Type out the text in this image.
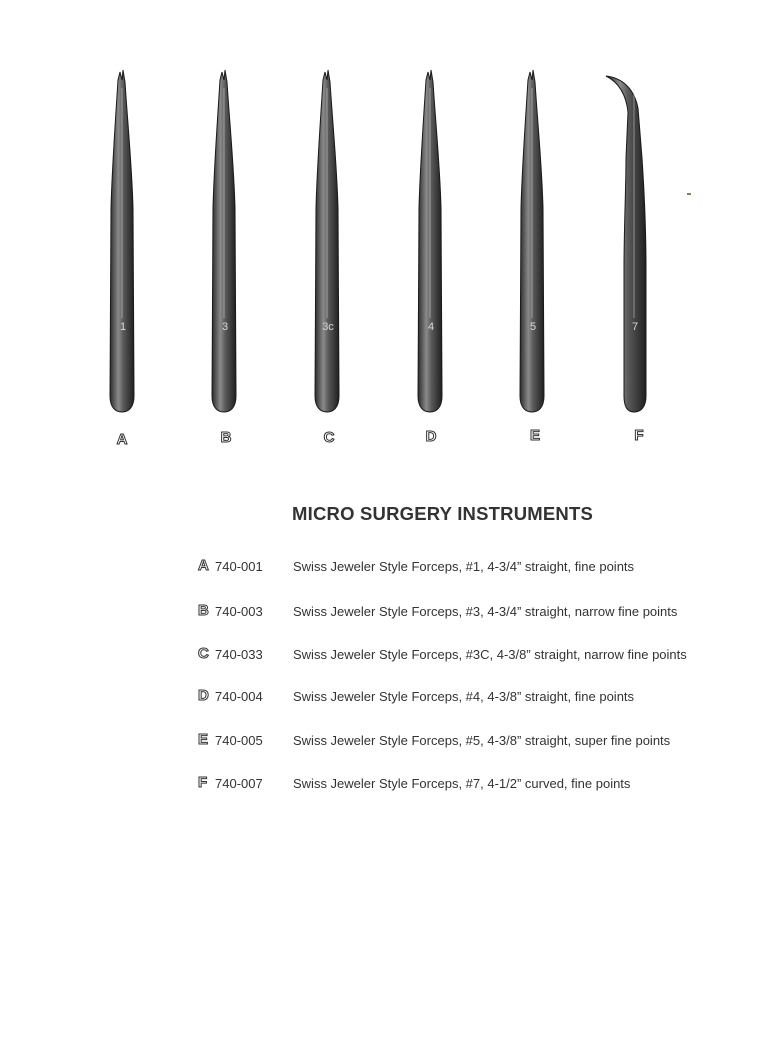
1	3	3c	4	5	7
A	B	C	D	E	F
MICRO SURGERY INSTRUMENTS
A 740-001 Swiss Jeweler Style Forceps, #1, 4-3/4” straight, fine points
B 740-003 Swiss Jeweler Style Forceps, #3, 4-3/4” straight, narrow fine points
C 740-033 Swiss Jeweler Style Forceps, #3C, 4-3/8” straight, narrow fine points
D 740-004 Swiss Jeweler Style Forceps, #4, 4-3/8” straight, fine points
E 740-005 Swiss Jeweler Style Forceps, #5, 4-3/8” straight, super fine points
F 740-007 Swiss Jeweler Style Forceps, #7, 4-1/2” curved, fine points
